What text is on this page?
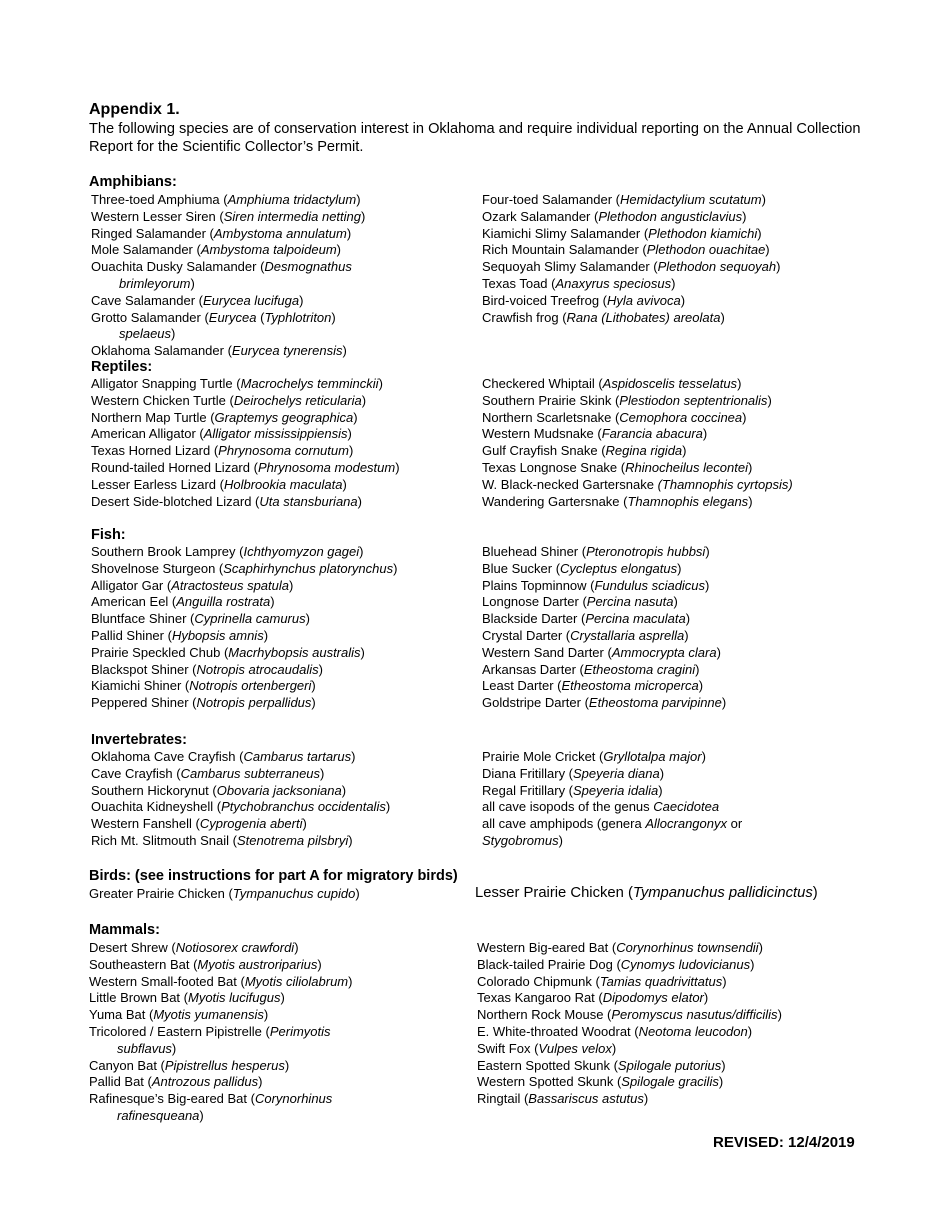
Appendix 1.

The following species are of conservation interest in Oklahoma and require individual reporting on the Annual Collection Report for the Scientific Collector’s Permit.

Amphibians:
Three-toed Amphiuma (Amphiuma tridactylum)
Western Lesser Siren (Siren intermedia netting)
Ringed Salamander (Ambystoma annulatum)
Mole Salamander (Ambystoma talpoideum)
Ouachita Dusky Salamander (Desmognathus brimleyorum)
Cave Salamander (Eurycea lucifuga)
Grotto Salamander (Eurycea (Typhlotriton) spelaeus)
Oklahoma Salamander (Eurycea tynerensis)
Four-toed Salamander (Hemidactylium scutatum)
Ozark Salamander (Plethodon angusticlavius)
Kiamichi Slimy Salamander (Plethodon kiamichi)
Rich Mountain Salamander (Plethodon ouachitae)
Sequoyah Slimy Salamander (Plethodon sequoyah)
Texas Toad (Anaxyrus speciosus)
Bird-voiced Treefrog (Hyla avivoca)
Crawfish frog (Rana (Lithobates) areolata)
Reptiles:
Alligator Snapping Turtle (Macrochelys temminckii)
Western Chicken Turtle (Deirochelys reticularia)
Northern Map Turtle (Graptemys geographica)
American Alligator (Alligator mississippiensis)
Texas Horned Lizard (Phrynosoma cornutum)
Round-tailed Horned Lizard (Phrynosoma modestum)
Lesser Earless Lizard (Holbrookia maculata)
Desert Side-blotched Lizard (Uta stansburiana)
Checkered Whiptail (Aspidoscelis tesselatus)
Southern Prairie Skink (Plestiodon septentrionalis)
Northern Scarletsnake (Cemophora coccinea)
Western Mudsnake (Farancia abacura)
Gulf Crayfish Snake (Regina rigida)
Texas Longnose Snake (Rhinocheilus lecontei)
W. Black-necked Gartersnake (Thamnophis cyrtopsis)
Wandering Gartersnake (Thamnophis elegans)
Fish:
Southern Brook Lamprey (Ichthyomyzon gagei)
Shovelnose Sturgeon (Scaphirhynchus platorynchus)
Alligator Gar (Atractosteus spatula)
American Eel (Anguilla rostrata)
Bluntface Shiner (Cyprinella camurus)
Pallid Shiner (Hybopsis amnis)
Prairie Speckled Chub (Macrhybopsis australis)
Blackspot Shiner (Notropis atrocaudalis)
Kiamichi Shiner (Notropis ortenbergeri)
Peppered Shiner (Notropis perpallidus)
Bluehead Shiner (Pteronotropis hubbsi)
Blue Sucker (Cycleptus elongatus)
Plains Topminnow (Fundulus sciadicus)
Longnose Darter (Percina nasuta)
Blackside Darter (Percina maculata)
Crystal Darter (Crystallaria asprella)
Western Sand Darter (Ammocrypta clara)
Arkansas Darter (Etheostoma cragini)
Least Darter (Etheostoma microperca)
Goldstripe Darter (Etheostoma parvipinne)
Invertebrates:
Oklahoma Cave Crayfish (Cambarus tartarus)
Cave Crayfish (Cambarus subterraneus)
Southern Hickorynut (Obovaria jacksoniana)
Ouachita Kidneyshell (Ptychobranchus occidentalis)
Western Fanshell (Cyprogenia aberti)
Rich Mt. Slitmouth Snail (Stenotrema pilsbryi)
Prairie Mole Cricket (Gryllotalpa major)
Diana Fritillary (Speyeria diana)
Regal Fritillary (Speyeria idalia)
all cave isopods of the genus Caecidotea
all cave amphipods (genera Allocrangonyx or
Stygobromus)
Birds: (see instructions for part A for migratory birds)
Greater Prairie Chicken (Tympanuchus cupido)	Lesser Prairie Chicken (Tympanuchus pallidicinctus)
Mammals:
Desert Shrew (Notiosorex crawfordi)
Southeastern Bat (Myotis austroriparius)
Western Small-footed Bat (Myotis ciliolabrum)
Little Brown Bat (Myotis lucifugus)
Yuma Bat (Myotis yumanensis)
Tricolored / Eastern Pipistrelle (Perimyotis subflavus)
Canyon Bat (Pipistrellus hesperus)
Pallid Bat (Antrozous pallidus)
Rafinesque’s Big-eared Bat (Corynorhinus rafinesqueana)
Western Big-eared Bat (Corynorhinus townsendii)
Black-tailed Prairie Dog (Cynomys ludovicianus)
Colorado Chipmunk (Tamias quadrivittatus)
Texas Kangaroo Rat (Dipodomys elator)
Northern Rock Mouse (Peromyscus nasutus/difficilis)
E. White-throated Woodrat (Neotoma leucodon)
Swift Fox (Vulpes velox)
Eastern Spotted Skunk (Spilogale putorius)
Western Spotted Skunk (Spilogale gracilis)
Ringtail (Bassariscus astutus)

REVISED: 12/4/2019
